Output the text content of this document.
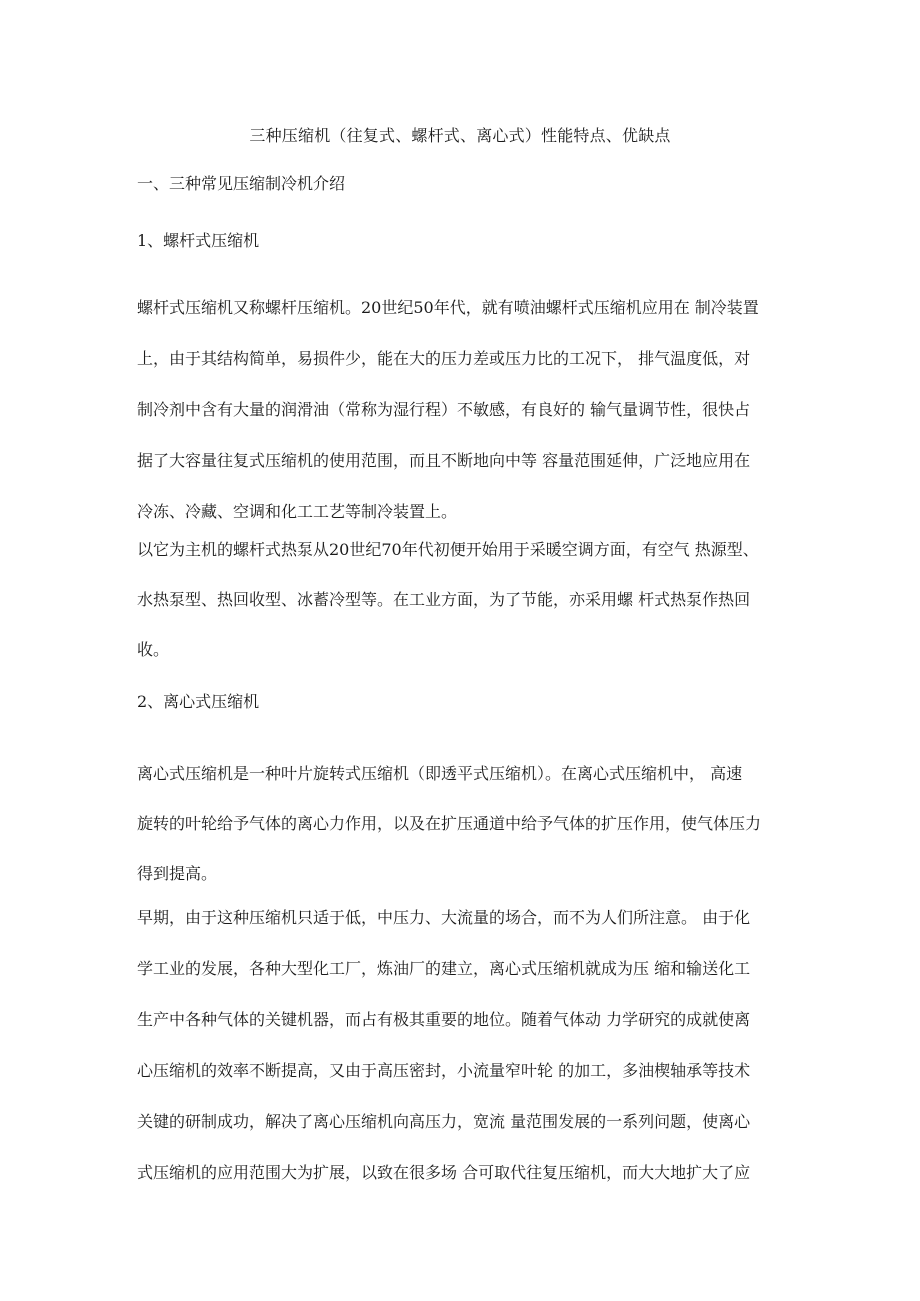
三种压缩机（往复式、螺杆式、离心式）性能特点、优缺点
一、三种常见压缩制冷机介绍
1、螺杆式压缩机
螺杆式压缩机又称螺杆压缩机。20世纪50年代，就有喷油螺杆式压缩机应用在 制冷装置
上，由于其结构简单，易损件少，能在大的压力差或压力比的工况下， 排气温度低，对
制冷剂中含有大量的润滑油（常称为湿行程）不敏感，有良好的 输气量调节性，很快占
据了大容量往复式压缩机的使用范围，而且不断地向中等 容量范围延伸，广泛地应用在
冷冻、冷藏、空调和化工工艺等制冷装置上。
以它为主机的螺杆式热泵从20世纪70年代初便开始用于采暖空调方面，有空气 热源型、
水热泵型、热回收型、冰蓄冷型等。在工业方面，为了节能，亦采用螺 杆式热泵作热回
收。
2、离心式压缩机
离心式压缩机是一种叶片旋转式压缩机（即透平式压缩机）。在离心式压缩机中， 高速
旋转的叶轮给予气体的离心力作用，以及在扩压通道中给予气体的扩压作用，使气体压力
得到提高。
早期，由于这种压缩机只适于低，中压力、大流量的场合，而不为人们所注意。 由于化
学工业的发展，各种大型化工厂，炼油厂的建立，离心式压缩机就成为压 缩和输送化工
生产中各种气体的关键机器，而占有极其重要的地位。随着气体动 力学研究的成就使离
心压缩机的效率不断提高，又由于高压密封，小流量窄叶轮 的加工，多油楔轴承等技术
关键的研制成功，解决了离心压缩机向高压力，宽流 量范围发展的一系列问题，使离心
式压缩机的应用范围大为扩展，以致在很多场 合可取代往复压缩机，而大大地扩大了应
